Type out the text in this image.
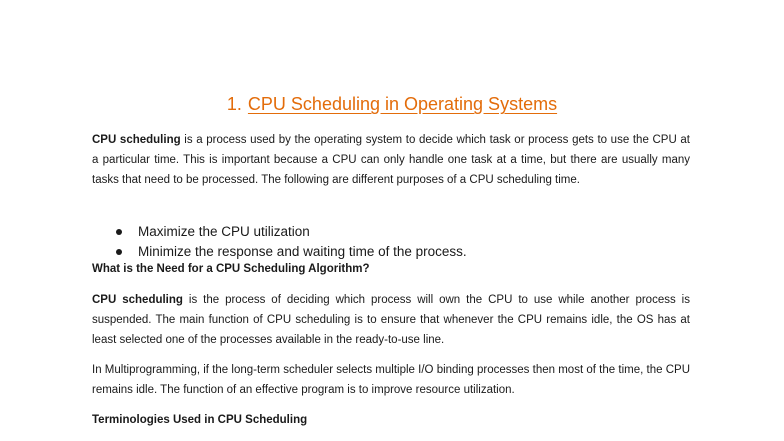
1. CPU Scheduling in Operating Systems

CPU scheduling is a process used by the operating system to decide which task or process gets to use the CPU at a particular time. This is important because a CPU can only handle one task at a time, but there are usually many tasks that need to be processed. The following are different purposes of a CPU scheduling time.

Maximize the CPU utilization
Minimize the response and waiting time of the process.
What is the Need for a CPU Scheduling Algorithm?

CPU scheduling is the process of deciding which process will own the CPU to use while another process is suspended. The main function of CPU scheduling is to ensure that whenever the CPU remains idle, the OS has at least selected one of the processes available in the ready-to-use line.

In Multiprogramming, if the long-term scheduler selects multiple I/O binding processes then most of the time, the CPU remains idle. The function of an effective program is to improve resource utilization.

Terminologies Used in CPU Scheduling
